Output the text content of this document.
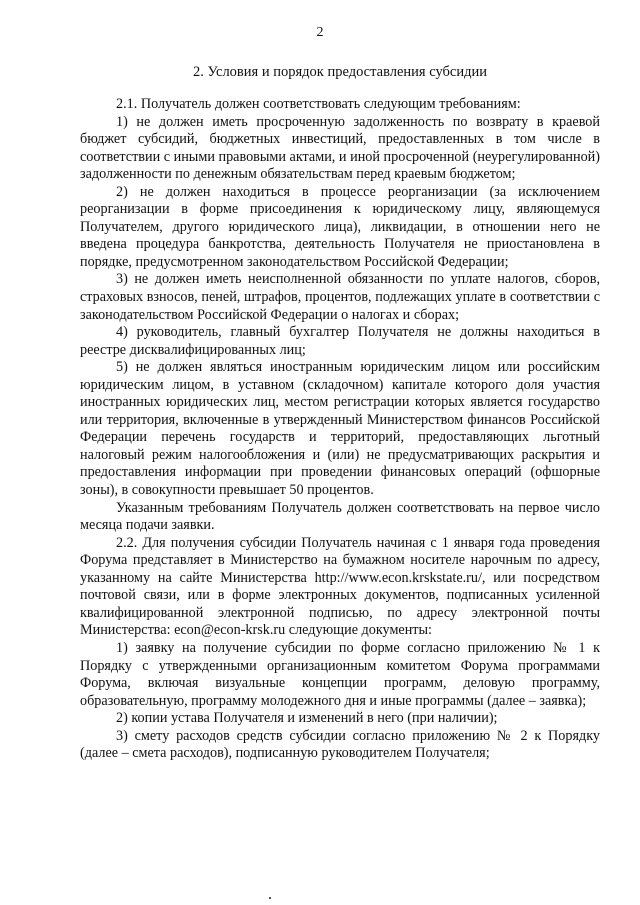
2
2. Условия и порядок предоставления субсидии

2.1. Получатель должен соответствовать следующим требованиям:

1) не должен иметь просроченную задолженность по возврату в краевой бюджет субсидий, бюджетных инвестиций, предоставленных в том числе в соответствии с иными правовыми актами, и иной просроченной (неурегулированной) задолженности по денежным обязательствам перед краевым бюджетом;

2) не должен находиться в процессе реорганизации (за исключением реорганизации в форме присоединения к юридическому лицу, являющемуся Получателем, другого юридического лица), ликвидации, в отношении него не введена процедура банкротства, деятельность Получателя не приостановлена в порядке, предусмотренном законодательством Российской Федерации;

3) не должен иметь неисполненной обязанности по уплате налогов, сборов, страховых взносов, пеней, штрафов, процентов, подлежащих уплате в соответствии с законодательством Российской Федерации о налогах и сборах;

4) руководитель, главный бухгалтер Получателя не должны находиться в реестре дисквалифицированных лиц;

5) не должен являться иностранным юридическим лицом или российским юридическим лицом, в уставном (складочном) капитале которого доля участия иностранных юридических лиц, местом регистрации которых является государство или территория, включенные в утвержденный Министерством финансов Российской Федерации перечень государств и территорий, предоставляющих льготный налоговый режим налогообложения и (или) не предусматривающих раскрытия и предоставления информации при проведении финансовых операций (офшорные зоны), в совокупности превышает 50 процентов.

Указанным требованиям Получатель должен соответствовать на первое число месяца подачи заявки.

2.2. Для получения субсидии Получатель начиная с 1 января года проведения Форума представляет в Министерство на бумажном носителе нарочным по адресу, указанному на сайте Министерства http://www.econ.krskstate.ru/, или посредством почтовой связи, или в форме электронных документов, подписанных усиленной квалифицированной электронной подписью, по адресу электронной почты Министерства: econ@econ-krsk.ru следующие документы:

1) заявку на получение субсидии по форме согласно приложению № 1 к Порядку с утвержденными организационным комитетом Форума программами Форума, включая визуальные концепции программ, деловую программу, образовательную, программу молодежного дня и иные программы (далее – заявка);

2) копии устава Получателя и изменений в него (при наличии);

3) смету расходов средств субсидии согласно приложению № 2 к Порядку (далее – смета расходов), подписанную руководителем Получателя;
